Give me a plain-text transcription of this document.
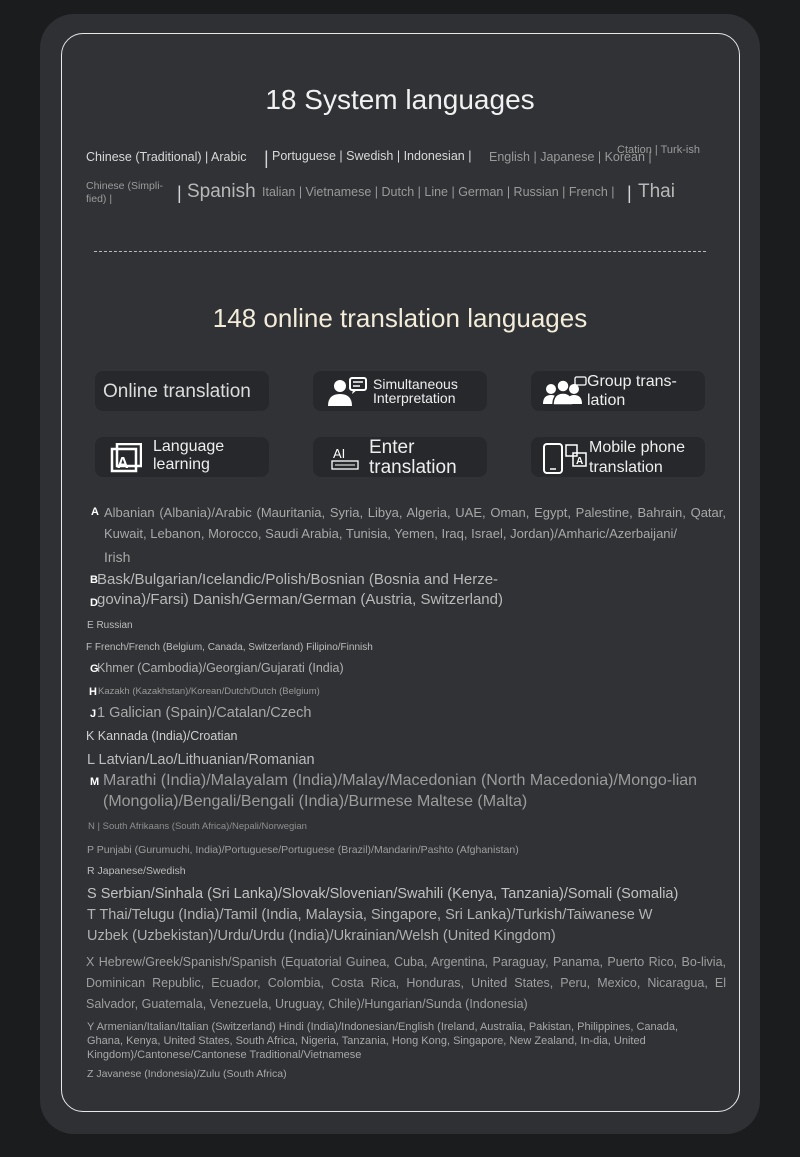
18 System languages
Chinese (Traditional) | Arabic | Portuguese | Swedish | Indonesian | English | Japanese | Korean |
Ctation | Turk-ish
Chinese (Simpli-fied) |	| Spanish Italian | Vietnamese | Dutch | Line | German | Russian | French | | Thai
148 online translation languages
Online translation	Simultaneous Interpretation
Group trans-lation
A
Language learning
AI Enter translation	A
Mobile phone translation
A Albanian (Albania)/Arabic (Mauritania, Syria, Libya, Algeria, UAE, Oman, Egypt, Palestine, Bahrain, Qatar, Kuwait, Lebanon, Morocco, Saudi Arabia, Tunisia, Yemen, Iraq, Israel, Jordan)/Amharic/Azerbaijani/
Irish
B Bask/Bulgarian/Icelandic/Polish/Bosnian (Bosnia and Herze-
D govina)/Farsi) Danish/German/German (Austria, Switzerland)
E Russian
F French/French (Belgium, Canada, Switzerland) Filipino/Finnish
G
Khmer (Cambodia)/Georgian/Gujarati (India)
H Kazakh (Kazakhstan)/Korean/Dutch/Dutch (Belgium)
J 1 Galician (Spain)/Catalan/Czech
K Kannada (India)/Croatian
L Latvian/Lao/Lithuanian/Romanian
M Marathi (India)/Malayalam (India)/Malay/Macedonian (North Macedonia)/Mongo-lian (Mongolia)/Bengali/Bengali (India)/Burmese Maltese (Malta)
N | South Afrikaans (South Africa)/Nepali/Norwegian
P Punjabi (Gurumuchi, India)/Portuguese/Portuguese (Brazil)/Mandarin/Pashto (Afghanistan)
R Japanese/Swedish
S Serbian/Sinhala (Sri Lanka)/Slovak/Slovenian/Swahili (Kenya, Tanzania)/Somali (Somalia)
T Thai/Telugu (India)/Tamil (India, Malaysia, Singapore, Sri Lanka)/Turkish/Taiwanese W
Uzbek (Uzbekistan)/Urdu/Urdu (India)/Ukrainian/Welsh (United Kingdom)
X Hebrew/Greek/Spanish/Spanish (Equatorial Guinea, Cuba, Argentina, Paraguay, Panama, Puerto Rico, Bo-livia, Dominican Republic, Ecuador, Colombia, Costa Rica, Honduras, United States, Peru, Mexico, Nicaragua, El Salvador, Guatemala, Venezuela, Uruguay, Chile)/Hungarian/Sunda (Indonesia)
Y Armenian/Italian/Italian (Switzerland) Hindi (India)/Indonesian/English (Ireland, Australia, Pakistan, Philippines, Canada, Ghana, Kenya, United States, South Africa, Nigeria, Tanzania, Hong Kong, Singapore, New Zealand, In-dia, United Kingdom)/Cantonese/Cantonese Traditional/Vietnamese
Z Javanese (Indonesia)/Zulu (South Africa)
